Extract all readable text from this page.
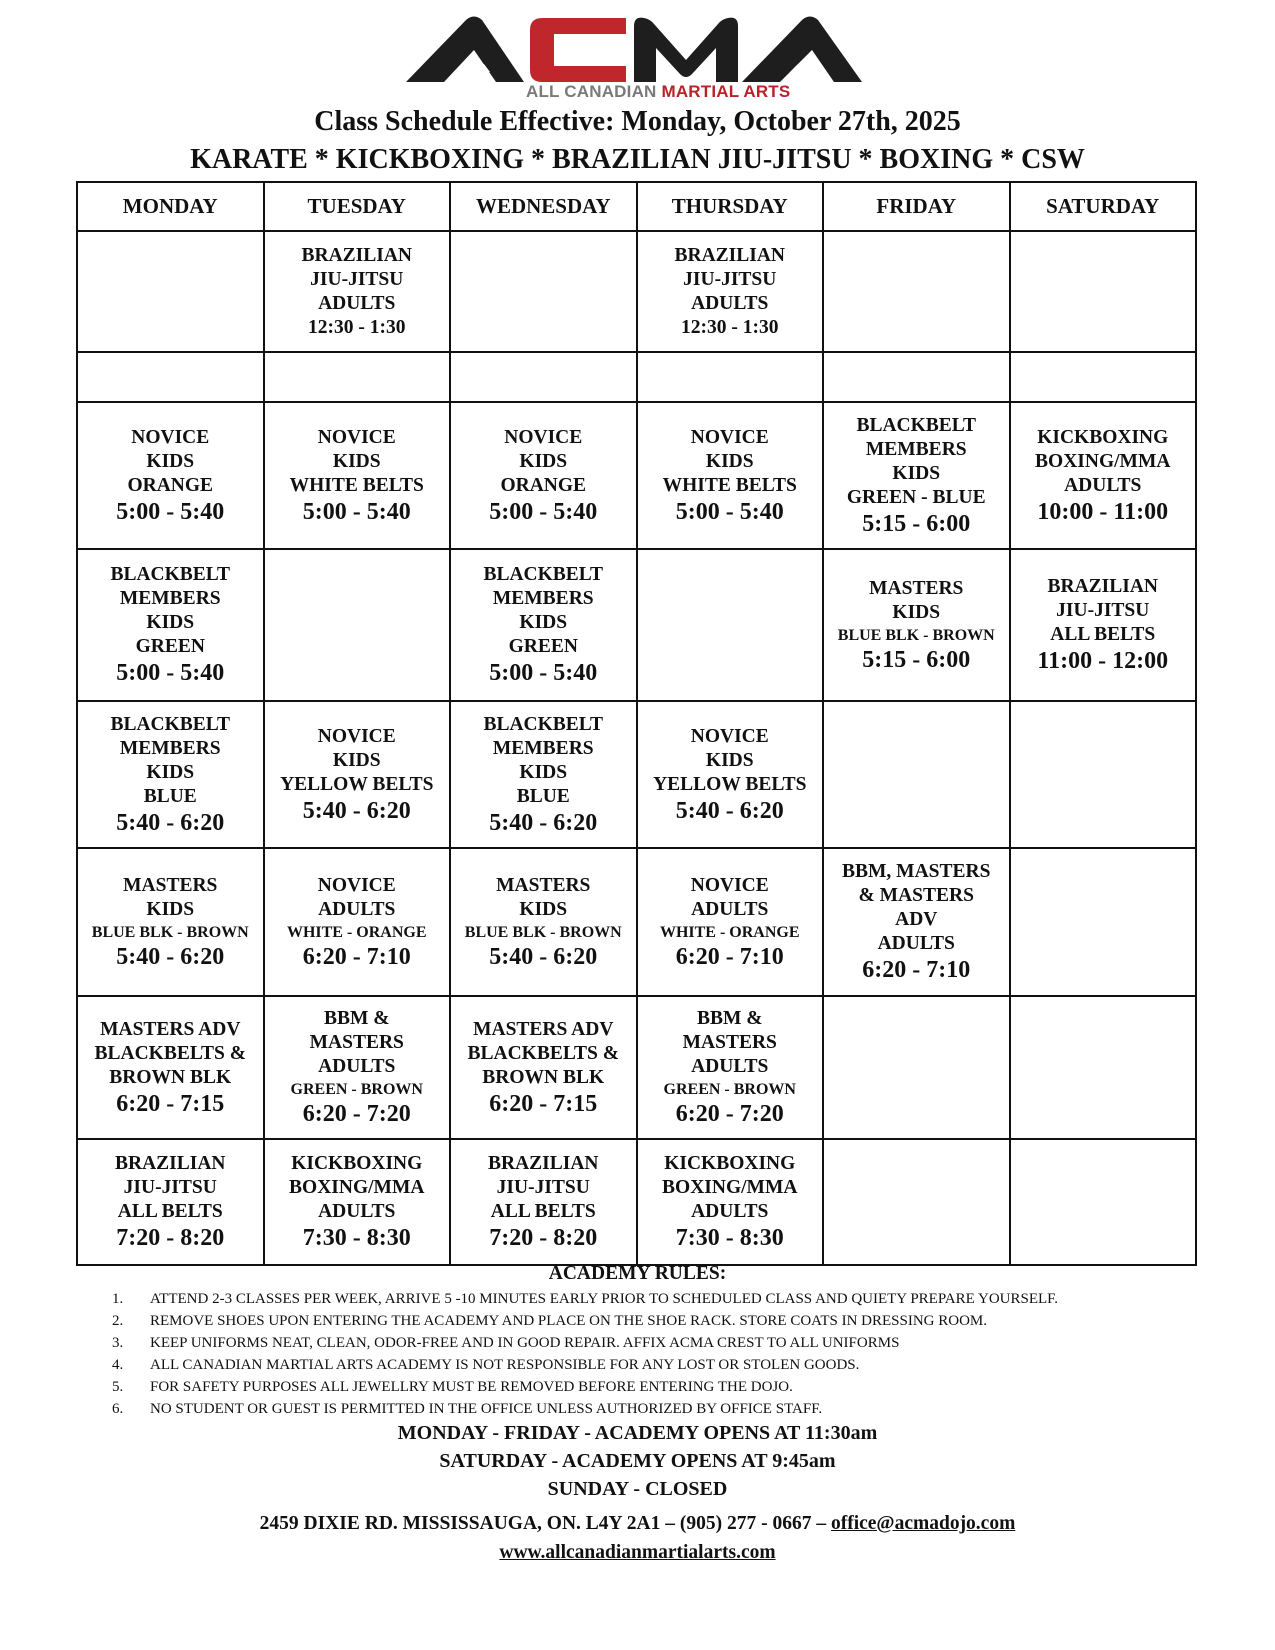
ALL CANADIAN MARTIAL ARTS
Class Schedule Effective: Monday, October 27th, 2025
KARATE * KICKBOXING * BRAZILIAN JIU-JITSU * BOXING * CSW
MONDAY	TUESDAY	WEDNESDAY	THURSDAY	FRIDAY	SATURDAY

	BRAZILIAN
JIU-JITSU
ADULTS
12:30 - 1:30		BRAZILIAN
JIU-JITSU
ADULTS
12:30 - 1:30		

NOVICE
KIDS
ORANGE
5:00 - 5:40	NOVICE
KIDS
WHITE BELTS
5:00 - 5:40	NOVICE
KIDS
ORANGE
5:00 - 5:40	NOVICE
KIDS
WHITE BELTS
5:00 - 5:40	BLACKBELT
MEMBERS
KIDS
GREEN - BLUE
5:15 - 6:00	KICKBOXING
BOXING/MMA
ADULTS
10:00 - 11:00

BLACKBELT
MEMBERS
KIDS
GREEN
5:00 - 5:40		BLACKBELT
MEMBERS
KIDS
GREEN
5:00 - 5:40		MASTERS
KIDS
BLUE BLK - BROWN
5:15 - 6:00	BRAZILIAN
JIU-JITSU
ALL BELTS
11:00 - 12:00

BLACKBELT
MEMBERS
KIDS
BLUE
5:40 - 6:20	NOVICE
KIDS
YELLOW BELTS
5:40 - 6:20	BLACKBELT
MEMBERS
KIDS
BLUE
5:40 - 6:20	NOVICE
KIDS
YELLOW BELTS
5:40 - 6:20		

MASTERS
KIDS
BLUE BLK - BROWN
5:40 - 6:20	NOVICE
ADULTS
WHITE - ORANGE
6:20 - 7:10	MASTERS
KIDS
BLUE BLK - BROWN
5:40 - 6:20	NOVICE
ADULTS
WHITE - ORANGE
6:20 - 7:10	BBM, MASTERS
& MASTERS
ADV
ADULTS
6:20 - 7:10	

MASTERS ADV
BLACKBELTS &
BROWN BLK
6:20 - 7:15	BBM &
MASTERS
ADULTS
GREEN - BROWN
6:20 - 7:20	MASTERS ADV
BLACKBELTS &
BROWN BLK
6:20 - 7:15	BBM &
MASTERS
ADULTS
GREEN - BROWN
6:20 - 7:20		

BRAZILIAN
JIU-JITSU
ALL BELTS
7:20 - 8:20	KICKBOXING
BOXING/MMA
ADULTS
7:30 - 8:30	BRAZILIAN
JIU-JITSU
ALL BELTS
7:20 - 8:20	KICKBOXING
BOXING/MMA
ADULTS
7:30 - 8:30		

ACADEMY RULES:
1.	ATTEND 2-3 CLASSES PER WEEK, ARRIVE 5 -10 MINUTES EARLY PRIOR TO SCHEDULED CLASS AND QUIETY PREPARE YOURSELF.
2.	REMOVE SHOES UPON ENTERING THE ACADEMY AND PLACE ON THE SHOE RACK. STORE COATS IN DRESSING ROOM.
3.	KEEP UNIFORMS NEAT, CLEAN, ODOR-FREE AND IN GOOD REPAIR. AFFIX ACMA CREST TO ALL UNIFORMS
4.	ALL CANADIAN MARTIAL ARTS ACADEMY IS NOT RESPONSIBLE FOR ANY LOST OR STOLEN GOODS.
5.	FOR SAFETY PURPOSES ALL JEWELLRY MUST BE REMOVED BEFORE ENTERING THE DOJO.
6.	NO STUDENT OR GUEST IS PERMITTED IN THE OFFICE UNLESS AUTHORIZED BY OFFICE STAFF.
MONDAY - FRIDAY - ACADEMY OPENS AT 11:30am
SATURDAY - ACADEMY OPENS AT 9:45am
SUNDAY - CLOSED
2459 DIXIE RD. MISSISSAUGA, ON. L4Y 2A1 – (905) 277 - 0667 – office@acmadojo.com
www.allcanadianmartialarts.com
